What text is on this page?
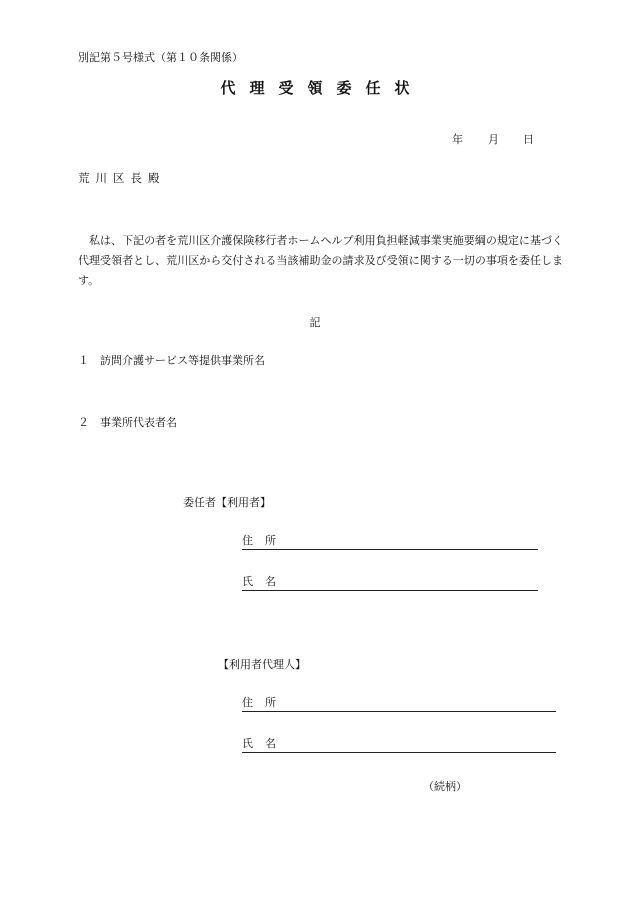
別記第５号様式（第１０条関係）
代理受領委任状
年 月 日
荒川区長殿
私は、下記の者を荒川区介護保険移行者ホームヘルプ利用負担軽減事業実施要綱の規定に基づく代理受領者とし、荒川区から交付される当該補助金の請求及び受領に関する一切の事項を委任します。
記
１ 訪問介護サービス等提供事業所名
２ 事業所代表者名
委任者【利用者】
住所
氏名
【利用者代理人】
住所
氏名
（続柄）
